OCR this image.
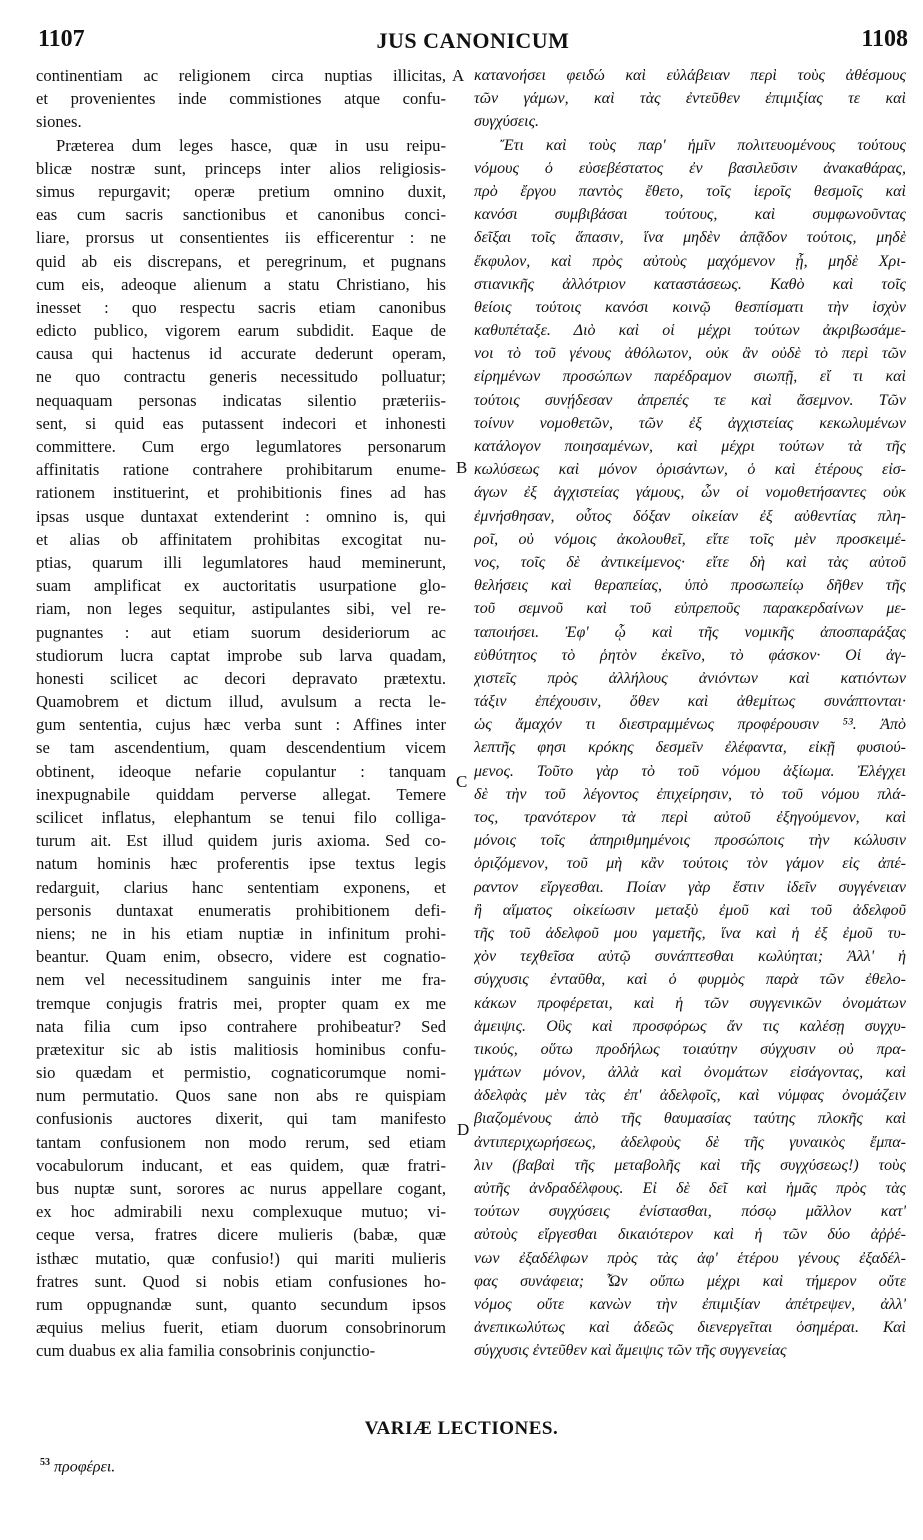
1107	JUS CANONICUM	1108
continentiam ac religionem circa nuptias illicitas,
et provenientes inde commistiones atque confu-
siones.
Præterea dum leges hasce, quæ in usu reipu-
blicæ nostræ sunt, princeps inter alios religiosis-
simus repurgavit; operæ pretium omnino duxit,
eas cum sacris sanctionibus et canonibus conci-
liare, prorsus ut consentientes iis efficerentur : ne
quid ab eis discrepans, et peregrinum, et pugnans
cum eis, adeoque alienum a statu Christiano, his
inesset : quo respectu sacris etiam canonibus
edicto publico, vigorem earum subdidit. Eaque de
causa qui hactenus id accurate dederunt operam,
ne quo contractu generis necessitudo polluatur;
nequaquam personas indicatas silentio præteriis-
sent, si quid eas putassent indecori et inhonesti
committere. Cum ergo legumlatores personarum
affinitatis ratione contrahere prohibitarum enume-
rationem instituerint, et prohibitionis fines ad has
ipsas usque duntaxat extenderint : omnino is, qui
et alias ob affinitatem prohibitas excogitat nu-
ptias, quarum illi legumlatores haud meminerunt,
suam amplificat ex auctoritatis usurpatione glo-
riam, non leges sequitur, astipulantes sibi, vel re-
pugnantes : aut etiam suorum desideriorum ac
studiorum lucra captat improbe sub larva quadam,
honesti scilicet ac decori depravato prætextu.
Quamobrem et dictum illud, avulsum a recta le-
gum sententia, cujus hæc verba sunt : Affines inter
se tam ascendentium, quam descendentium vicem
obtinent, ideoque nefarie copulantur : tanquam
inexpugnabile quiddam perverse allegat. Temere
scilicet inflatus, elephantum se tenui filo colliga-
turum ait. Est illud quidem juris axioma. Sed co-
natum hominis hæc proferentis ipse textus legis
redarguit, clarius hanc sententiam exponens, et
personis duntaxat enumeratis prohibitionem defi-
niens; ne in his etiam nuptiæ in infinitum prohi-
beantur. Quam enim, obsecro, videre est cognatio-
nem vel necessitudinem sanguinis inter me fra-
tremque conjugis fratris mei, propter quam ex me
nata filia cum ipso contrahere prohibeatur? Sed
prætexitur sic ab istis malitiosis hominibus confu-
sio quædam et permistio, cognaticorumque nomi-
num permutatio. Quos sane non abs re quispiam
confusionis auctores dixerit, qui tam manifesto
tantam confusionem non modo rerum, sed etiam
vocabulorum inducant, et eas quidem, quæ fratri-
bus nuptæ sunt, sorores ac nurus appellare cogant,
ex hoc admirabili nexu complexuque mutuo; vi-
ceque versa, fratres dicere mulieris (babæ, quæ
isthæc mutatio, quæ confusio!) qui mariti mulieris
fratres sunt. Quod si nobis etiam confusiones ho-
rum oppugnandæ sunt, quanto secundum ipsos
æquius melius fuerit, etiam duorum consobrinorum
cum duabus ex alia familia consobrinis conjunctio-
κατανοήσει φειδώ καὶ εὐλάβειαν περὶ τοὺς ἀθέσμους
τῶν γάμων, καὶ τὰς ἐντεῦθεν ἐπιμιξίας τε καὶ
συγχύσεις.
Ἔτι καὶ τοὺς παρ' ἡμῖν πολιτευομένους τούτους
νόμους ὁ εὐσεβέστατος ἐν βασιλεῦσιν ἀνακαθάρας,
πρὸ ἔργου παντὸς ἔθετο, τοῖς ἱεροῖς θεσμοῖς καὶ
κανόσι συμβιβάσαι τούτους, καὶ συμφωνοῦντας
δεῖξαι τοῖς ἅπασιν, ἵνα μηδὲν ἀπᾷδον τούτοις, μηδὲ
ἔκφυλον, καὶ πρὸς αὐτοὺς μαχόμενον ᾖ, μηδὲ Χρι-
στιανικῆς ἀλλότριον καταστάσεως. Καθὸ καὶ τοῖς
θείοις τούτοις κανόσι κοινῷ θεσπίσματι τὴν ἰσχὺν
καθυπέταξε. Διὸ καὶ οἱ μέχρι τούτων ἀκριβωσάμε-
νοι τὸ τοῦ γένους ἀθόλωτον, οὐκ ἂν οὐδὲ τὸ περὶ τῶν
εἰρημένων προσώπων παρέδραμον σιωπῇ, εἴ τι καὶ
τούτοις συνῄδεσαν ἀπρεπές τε καὶ ἄσεμνον. Τῶν
τοίνυν νομοθετῶν, τῶν ἐξ ἀγχιστείας κεκωλυμένων
κατάλογον ποιησαμένων, καὶ μέχρι τούτων τὰ τῆς
κωλύσεως καὶ μόνον ὁρισάντων, ὁ καὶ ἑτέρους εἰσ-
άγων ἐξ ἀγχιστείας γάμους, ὧν οἱ νομοθετήσαντες οὐκ
ἐμνήσθησαν, οὗτος δόξαν οἰκείαν ἐξ αὐθεντίας πλη-
ροῖ, οὐ νόμοις ἀκολουθεῖ, εἴτε τοῖς μὲν προσκειμέ-
νος, τοῖς δὲ ἀντικείμενος· εἴτε δὴ καὶ τὰς αὐτοῦ
θελήσεις καὶ θεραπείας, ὑπὸ προσωπείῳ δῆθεν τῆς
τοῦ σεμνοῦ καὶ τοῦ εὐπρεποῦς παρακερδαίνων με-
ταποιήσει. Ἐφ' ᾧ καὶ τῆς νομικῆς ἀποσπαράξας
εὐθύτητος τὸ ῥητὸν ἐκεῖνο, τὸ φάσκον· Οἱ ἀγ-
χιστεῖς πρὸς ἀλλήλους ἀνιόντων καὶ κατιόντων
τάξιν ἐπέχουσιν, ὅθεν καὶ ἀθεμίτως συνάπτονται·
ὡς ἄμαχόν τι διεστραμμένως προφέρουσιν ⁵³. Ἀπὸ
λεπτῆς φησι κρόκης δεσμεῖν ἐλέφαντα, εἰκῇ φυσιού-
μενος. Τοῦτο γὰρ τὸ τοῦ νόμου ἀξίωμα. Ἐλέγχει
δὲ τὴν τοῦ λέγοντος ἐπιχείρησιν, τὸ τοῦ νόμου πλά-
τος, τρανότερον τὰ περὶ αὐτοῦ ἐξηγούμενον, καὶ
μόνοις τοῖς ἀπηριθμημένοις προσώποις τὴν κώλυσιν
ὁριζόμενον, τοῦ μὴ κἂν τούτοις τὸν γάμον εἰς ἀπέ-
ραντον εἴργεσθαι. Ποίαν γὰρ ἔστιν ἰδεῖν συγγένειαν
ἢ αἵματος οἰκείωσιν μεταξὺ ἐμοῦ καὶ τοῦ ἀδελφοῦ
τῆς τοῦ ἀδελφοῦ μου γαμετῆς, ἵνα καὶ ἡ ἐξ ἐμοῦ τυ-
χὸν τεχθεῖσα αὐτῷ συνάπτεσθαι κωλύηται; Ἀλλ' ἡ
σύγχυσις ἐνταῦθα, καὶ ὁ φυρμὸς παρὰ τῶν ἐθελο-
κάκων προφέρεται, καὶ ἡ τῶν συγγενικῶν ὀνομάτων
ἀμειψις. Οὓς καὶ προσφόρως ἄν τις καλέσῃ συγχυ-
τικούς, οὕτω προδήλως τοιαύτην σύγχυσιν οὐ πρα-
γμάτων μόνον, ἀλλὰ καὶ ὀνομάτων εἰσάγοντας, καὶ
ἀδελφὰς μὲν τὰς ἐπ' ἀδελφοῖς, καὶ νύμφας ὀνομάζειν
βιαζομένους ἀπὸ τῆς θαυμασίας ταύτης πλοκῆς καὶ
ἀντιπεριχωρήσεως, ἀδελφοὺς δὲ τῆς γυναικὸς ἔμπα-
λιν (βαβαὶ τῆς μεταβολῆς καὶ τῆς συγχύσεως!) τοὺς
αὐτῆς ἀνδραδέλφους. Εἰ δὲ δεῖ καὶ ἡμᾶς πρὸς τὰς
τούτων συγχύσεις ἐνίστασθαι, πόσῳ μᾶλλον κατ'
αὐτοὺς εἴργεσθαι δικαιότερον καὶ ἡ τῶν δύο ἀῤῥέ-
νων ἐξαδέλφων πρὸς τὰς ἀφ' ἑτέρου γένους ἐξαδέλ-
φας συνάφεια; Ὧν οὔπω μέχρι καὶ τήμερον οὔτε
νόμος οὔτε κανὼν τὴν ἐπιμιξίαν ἀπέτρεψεν, ἀλλ'
ἀνεπικωλύτως καὶ ἀδεῶς διενεργεῖται ὁσημέραι. Καὶ
σύγχυσις ἐντεῦθεν καὶ ἄμειψις τῶν τῆς συγγενείας
A
B
C
D
VARIÆ LECTIONES.
$^{53}$ προφέρει.
